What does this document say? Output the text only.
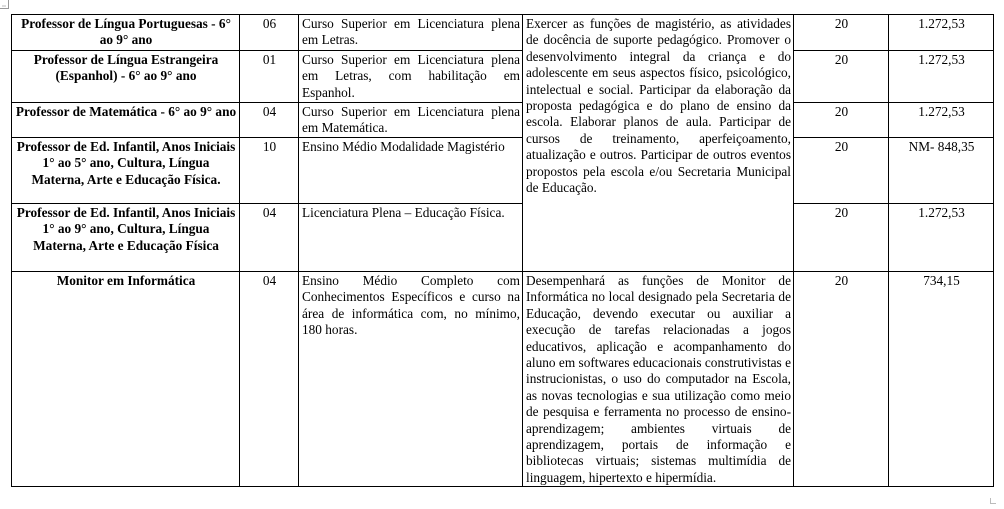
Professor de Língua Portuguesas - 6° ao 9° ano	06	Curso Superior em Licenciatura plena em Letras.	Exercer as funções de magistério, as atividades de docência de suporte pedagógico. Promover o desenvolvimento integral da criança e do adolescente em seus aspectos físico, psicológico, intelectual e social. Participar da elaboração da proposta pedagógica e do plano de ensino da escola. Elaborar planos de aula. Participar de cursos de treinamento, aperfeiçoamento, atualização e outros. Participar de outros eventos propostos pela escola e/ou Secretaria Municipal de Educação.	20	1.272,53
Professor de Língua Estrangeira (Espanhol) - 6° ao 9° ano	01	Curso Superior em Licenciatura plena em Letras, com habilitação em Espanhol.		20	1.272,53
Professor de Matemática - 6° ao 9° ano	04	Curso Superior em Licenciatura plena em Matemática.		20	1.272,53
Professor de Ed. Infantil, Anos Iniciais 1° ao 5° ano, Cultura, Língua Materna, Arte e Educação Física.	10	Ensino Médio Modalidade Magistério		20	NM- 848,35
Professor de Ed. Infantil, Anos Iniciais 1° ao 9° ano, Cultura, Língua Materna, Arte e Educação Física	04	Licenciatura Plena – Educação Física.		20	1.272,53
Monitor em Informática	04	Ensino Médio Completo com Conhecimentos Específicos e curso na área de informática com, no mínimo, 180 horas.	Desempenhará as funções de Monitor de Informática no local designado pela Secretaria de Educação, devendo executar ou auxiliar a execução de tarefas relacionadas a jogos educativos, aplicação e acompanhamento do aluno em softwares educacionais construtivistas e instrucionistas, o uso do computador na Escola, as novas tecnologias e sua utilização como meio de pesquisa e ferramenta no processo de ensino-aprendizagem; ambientes virtuais de aprendizagem, portais de informação e bibliotecas virtuais; sistemas multimídia de linguagem, hipertexto e hipermídia.	20	734,15
